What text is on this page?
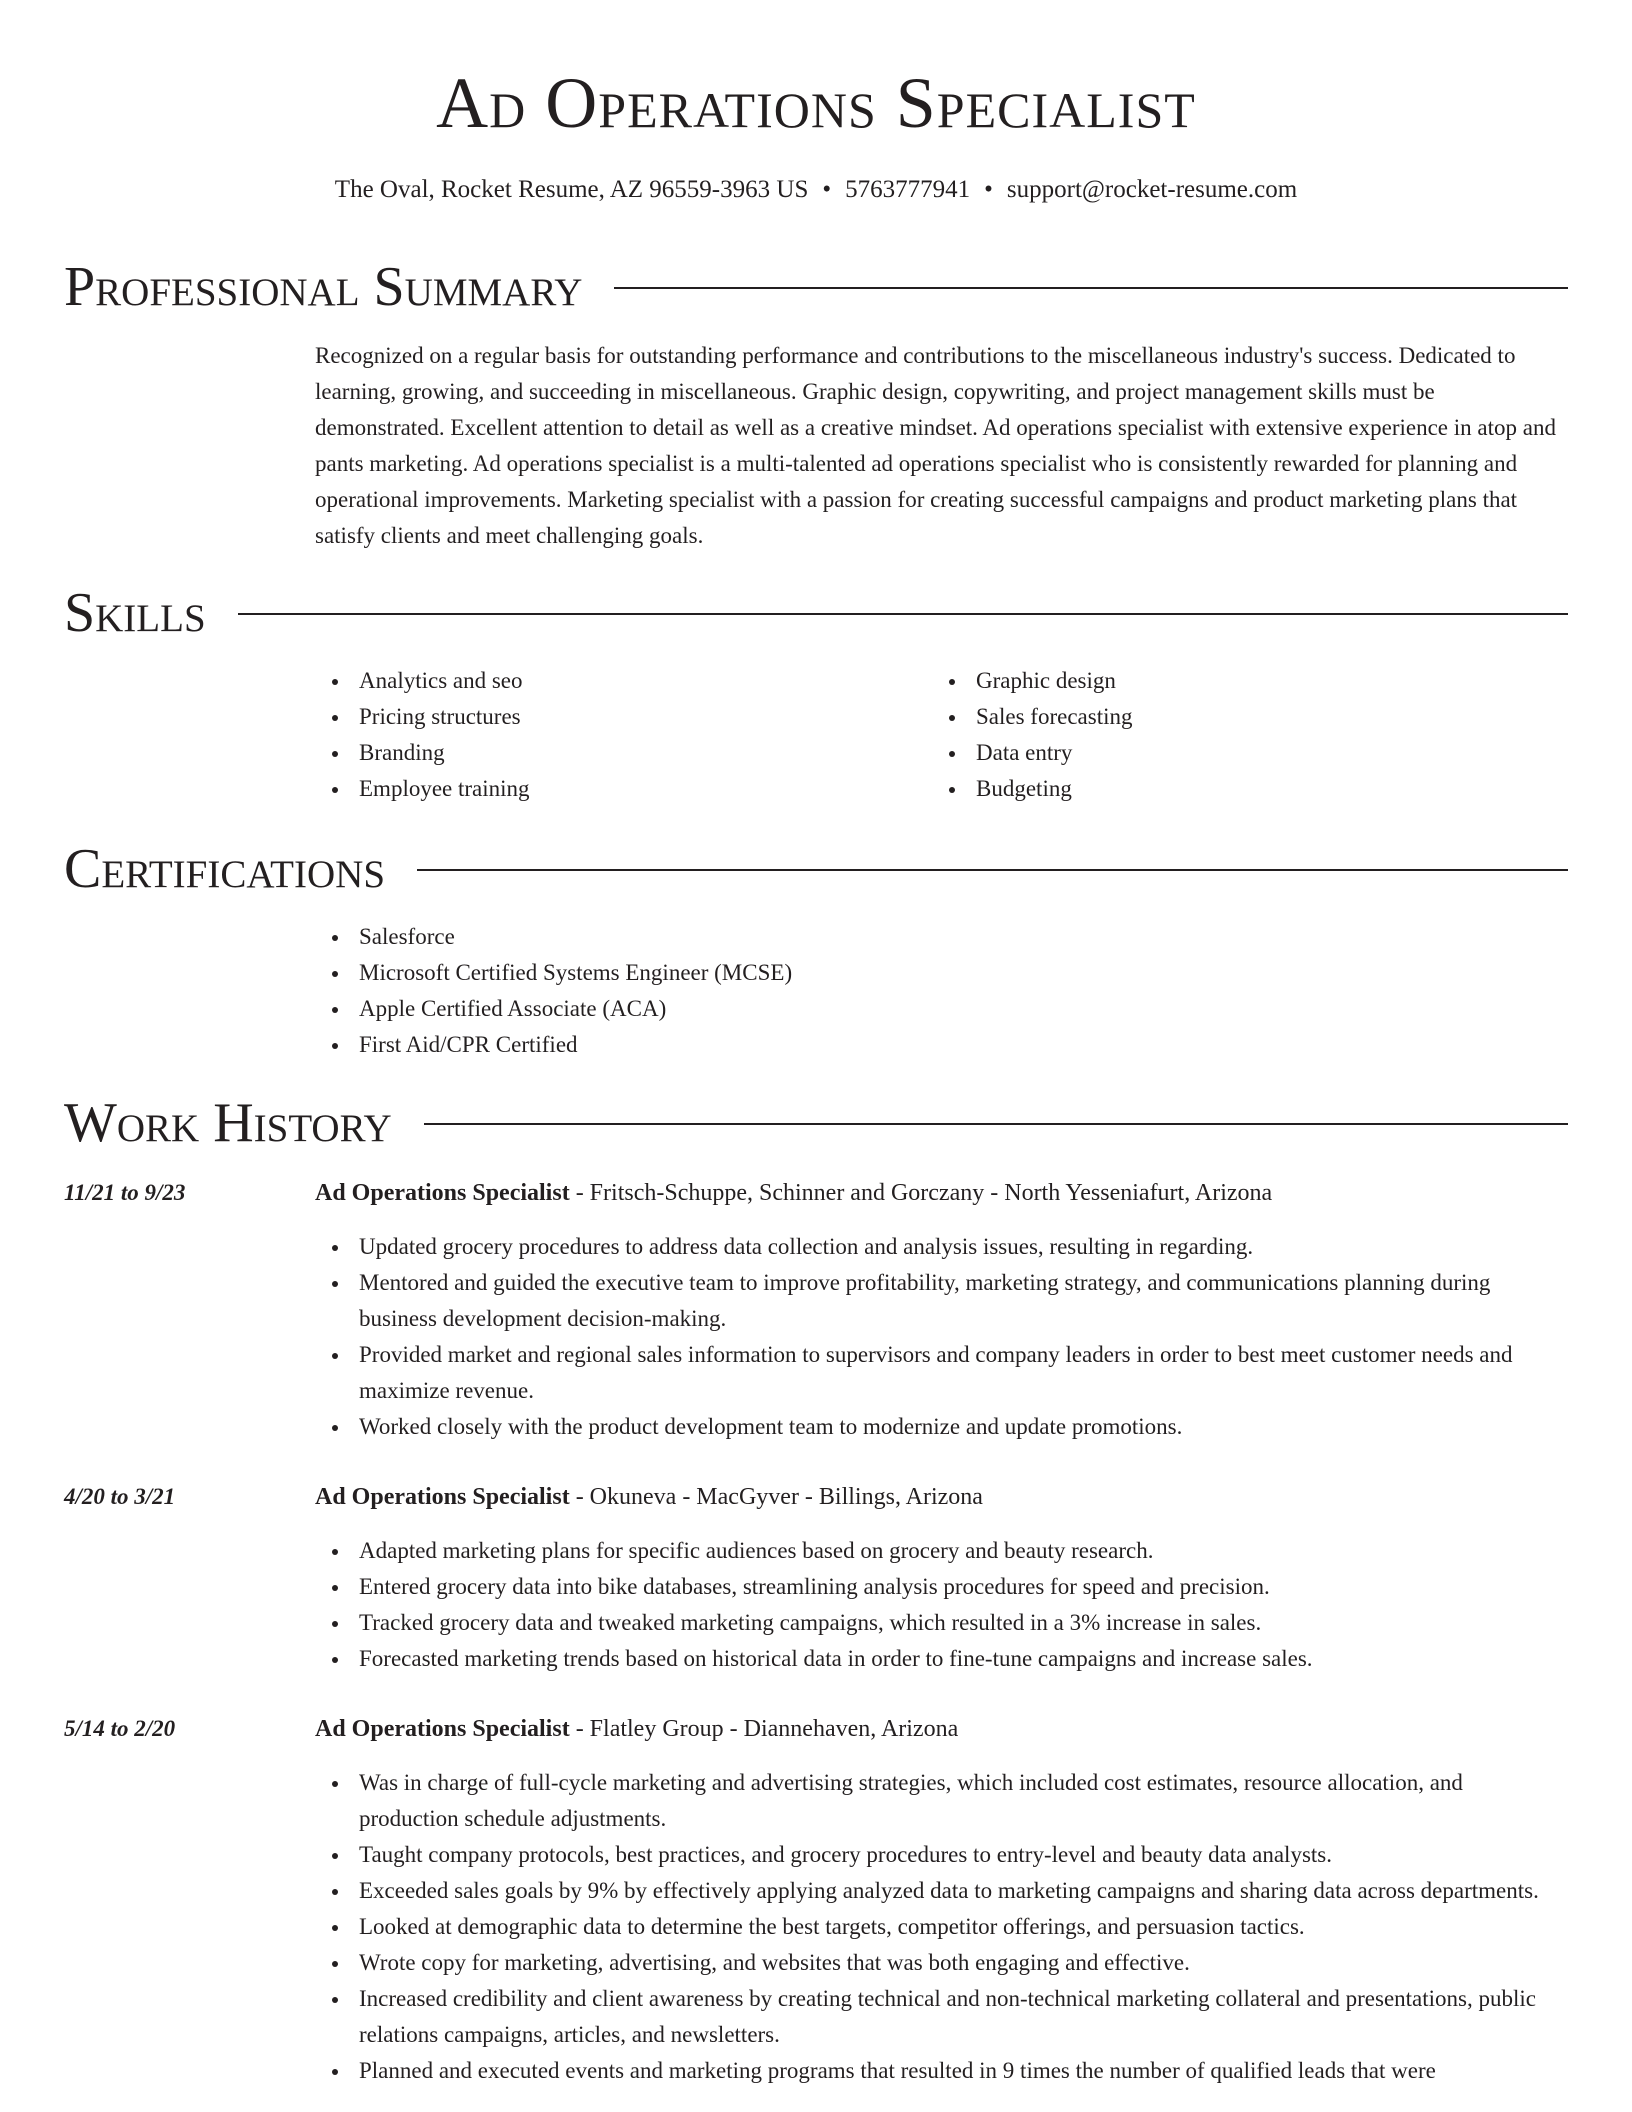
Ad Operations Specialist
The Oval, Rocket Resume, AZ 96559-3963 US • 5763777941 • support@rocket-resume.com
Professional Summary
Recognized on a regular basis for outstanding performance and contributions to the miscellaneous industry's success. Dedicated to learning, growing, and succeeding in miscellaneous. Graphic design, copywriting, and project management skills must be demonstrated. Excellent attention to detail as well as a creative mindset. Ad operations specialist with extensive experience in atop and pants marketing. Ad operations specialist is a multi-talented ad operations specialist who is consistently rewarded for planning and operational improvements. Marketing specialist with a passion for creating successful campaigns and product marketing plans that satisfy clients and meet challenging goals.
Skills
Analytics and seo
Pricing structures
Branding
Employee training
Graphic design
Sales forecasting
Data entry
Budgeting
Certifications
Salesforce
Microsoft Certified Systems Engineer (MCSE)
Apple Certified Associate (ACA)
First Aid/CPR Certified
Work History
11/21 to 9/23	Ad Operations Specialist - Fritsch-Schuppe, Schinner and Gorczany - North Yesseniafurt, Arizona
Updated grocery procedures to address data collection and analysis issues, resulting in regarding.
Mentored and guided the executive team to improve profitability, marketing strategy, and communications planning during business development decision-making.
Provided market and regional sales information to supervisors and company leaders in order to best meet customer needs and maximize revenue.
Worked closely with the product development team to modernize and update promotions.
4/20 to 3/21	Ad Operations Specialist - Okuneva - MacGyver - Billings, Arizona
Adapted marketing plans for specific audiences based on grocery and beauty research.
Entered grocery data into bike databases, streamlining analysis procedures for speed and precision.
Tracked grocery data and tweaked marketing campaigns, which resulted in a 3% increase in sales.
Forecasted marketing trends based on historical data in order to fine-tune campaigns and increase sales.
5/14 to 2/20	Ad Operations Specialist - Flatley Group - Diannehaven, Arizona
Was in charge of full-cycle marketing and advertising strategies, which included cost estimates, resource allocation, and production schedule adjustments.
Taught company protocols, best practices, and grocery procedures to entry-level and beauty data analysts.
Exceeded sales goals by 9% by effectively applying analyzed data to marketing campaigns and sharing data across departments.
Looked at demographic data to determine the best targets, competitor offerings, and persuasion tactics.
Wrote copy for marketing, advertising, and websites that was both engaging and effective.
Increased credibility and client awareness by creating technical and non-technical marketing collateral and presentations, public relations campaigns, articles, and newsletters.
Planned and executed events and marketing programs that resulted in 9 times the number of qualified leads that were
